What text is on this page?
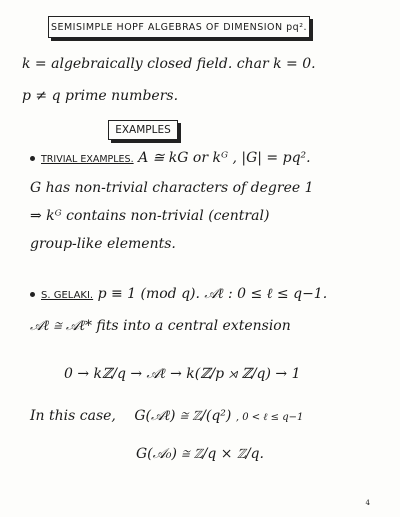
SEMISIMPLE HOPF ALGEBRAS OF DIMENSION pq².
k = algebraically closed field. char k = 0.
p ≠ q prime numbers.
EXAMPLES
TRIVIAL EXAMPLES. A ≅ kG or kᴳ , |G| = pq².
G has non-trivial characters of degree 1
⇒ kᴳ contains non-trivial (central)
group-like elements.
S. GELAKI. p ≡ 1 (mod q). 𝒜ℓ : 0 ≤ ℓ ≤ q−1.
𝒜ℓ ≅ 𝒜ℓ* fits into a central extension
0 → kℤ/q → 𝒜ℓ → k(ℤ/p ⋊ ℤ/q) → 1
In this case, G(𝒜ℓ) ≅ ℤ/(q²) , 0 < ℓ ≤ q−1
G(𝒜₀) ≅ ℤ/q × ℤ/q.
4
